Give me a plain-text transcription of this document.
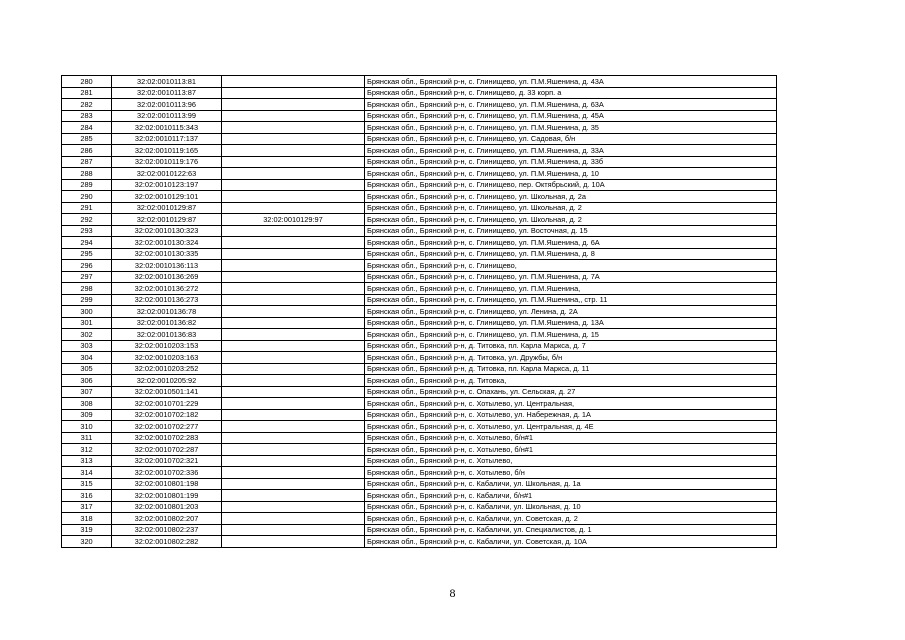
280	32:02:0010113:81		Брянская обл., Брянский р-н, с. Глинищево, ул. П.М.Яшенина, д. 43А
281	32:02:0010113:87		Брянская обл., Брянский р-н, с. Глинищево, д. 33 корп. а
282	32:02:0010113:96		Брянская обл., Брянский р-н, с. Глинищево, ул. П.М.Яшенина, д. 63А
283	32:02:0010113:99		Брянская обл., Брянский р-н, с. Глинищево, ул. П.М.Яшенина, д. 45А
284	32:02:0010115:343		Брянская обл., Брянский р-н, с. Глинищево, ул. П.М.Яшенина, д. 35
285	32:02:0010117:137		Брянская обл., Брянский р-н, с. Глинищево, ул. Садовая, б/н
286	32:02:0010119:165		Брянская обл., Брянский р-н, с. Глинищево, ул. П.М.Яшенина, д. 33А
287	32:02:0010119:176		Брянская обл., Брянский р-н, с. Глинищево, ул. П.М.Яшенина, д. 33б
288	32:02:0010122:63		Брянская обл., Брянский р-н, с. Глинищево, ул. П.М.Яшенина, д. 10
289	32:02:0010123:197		Брянская обл., Брянский р-н, с. Глинищево, пер. Октябрьский, д. 10А
290	32:02:0010129:101		Брянская обл., Брянский р-н, с. Глинищево, ул. Школьная, д. 2а
291	32:02:0010129:87		Брянская обл., Брянский р-н, с. Глинищево, ул. Школьная, д. 2
292	32:02:0010129:87	32:02:0010129:97	Брянская обл., Брянский р-н, с. Глинищево, ул. Школьная, д. 2
293	32:02:0010130:323		Брянская обл., Брянский р-н, с. Глинищево, ул. Восточная, д. 15
294	32:02:0010130:324		Брянская обл., Брянский р-н, с. Глинищево, ул. П.М.Яшенина, д. 6А
295	32:02:0010130:335		Брянская обл., Брянский р-н, с. Глинищево, ул. П.М.Яшенина, д. 8
296	32:02:0010136:113		Брянская обл., Брянский р-н, с. Глинищево,
297	32:02:0010136:269		Брянская обл., Брянский р-н, с. Глинищево, ул. П.М.Яшенина, д. 7А
298	32:02:0010136:272		Брянская обл., Брянский р-н, с. Глинищево, ул. П.М.Яшенина,
299	32:02:0010136:273		Брянская обл., Брянский р-н, с. Глинищево, ул. П.М.Яшенина,, стр. 11
300	32:02:0010136:78		Брянская обл., Брянский р-н, с. Глинищево, ул. Ленина, д. 2А
301	32:02:0010136:82		Брянская обл., Брянский р-н, с. Глинищево, ул. П.М.Яшенина, д. 13А
302	32:02:0010136:83		Брянская обл., Брянский р-н, с. Глинищево, ул. П.М.Яшенина, д. 15
303	32:02:0010203:153		Брянская обл., Брянский р-н, д. Титовка, пл. Карла Маркса, д. 7
304	32:02:0010203:163		Брянская обл., Брянский р-н, д. Титовка, ул. Дружбы, б/н
305	32:02:0010203:252		Брянская обл., Брянский р-н, д. Титовка, пл. Карла Маркса, д. 11
306	32:02:0010205:92		Брянская обл., Брянский р-н, д. Титовка,
307	32:02:0010501:141		Брянская обл., Брянский р-н, с. Опахань, ул. Сельская, д. 27
308	32:02:0010701:229		Брянская обл., Брянский р-н, с. Хотылево, ул. Центральная,
309	32:02:0010702:182		Брянская обл., Брянский р-н, с. Хотылево, ул. Набережная, д. 1А
310	32:02:0010702:277		Брянская обл., Брянский р-н, с. Хотылево, ул. Центральная, д. 4Е
311	32:02:0010702:283		Брянская обл., Брянский р-н, с. Хотылево, б/н#1
312	32:02:0010702:287		Брянская обл., Брянский р-н, с. Хотылево, б/н#1
313	32:02:0010702:321		Брянская обл., Брянский р-н, с. Хотылево,
314	32:02:0010702:336		Брянская обл., Брянский р-н, с. Хотылево, б/н
315	32:02:0010801:198		Брянская обл., Брянский р-н, с. Кабаличи, ул. Школьная, д. 1а
316	32:02:0010801:199		Брянская обл., Брянский р-н, с. Кабаличи, б/н#1
317	32:02:0010801:203		Брянская обл., Брянский р-н, с. Кабаличи, ул. Школьная, д. 10
318	32:02:0010802:207		Брянская обл., Брянский р-н, с. Кабаличи, ул. Советская, д. 2
319	32:02:0010802:237		Брянская обл., Брянский р-н, с. Кабаличи, ул. Специалистов, д. 1
320	32:02:0010802:282		Брянская обл., Брянский р-н, с. Кабаличи, ул. Советская, д. 10А
8
